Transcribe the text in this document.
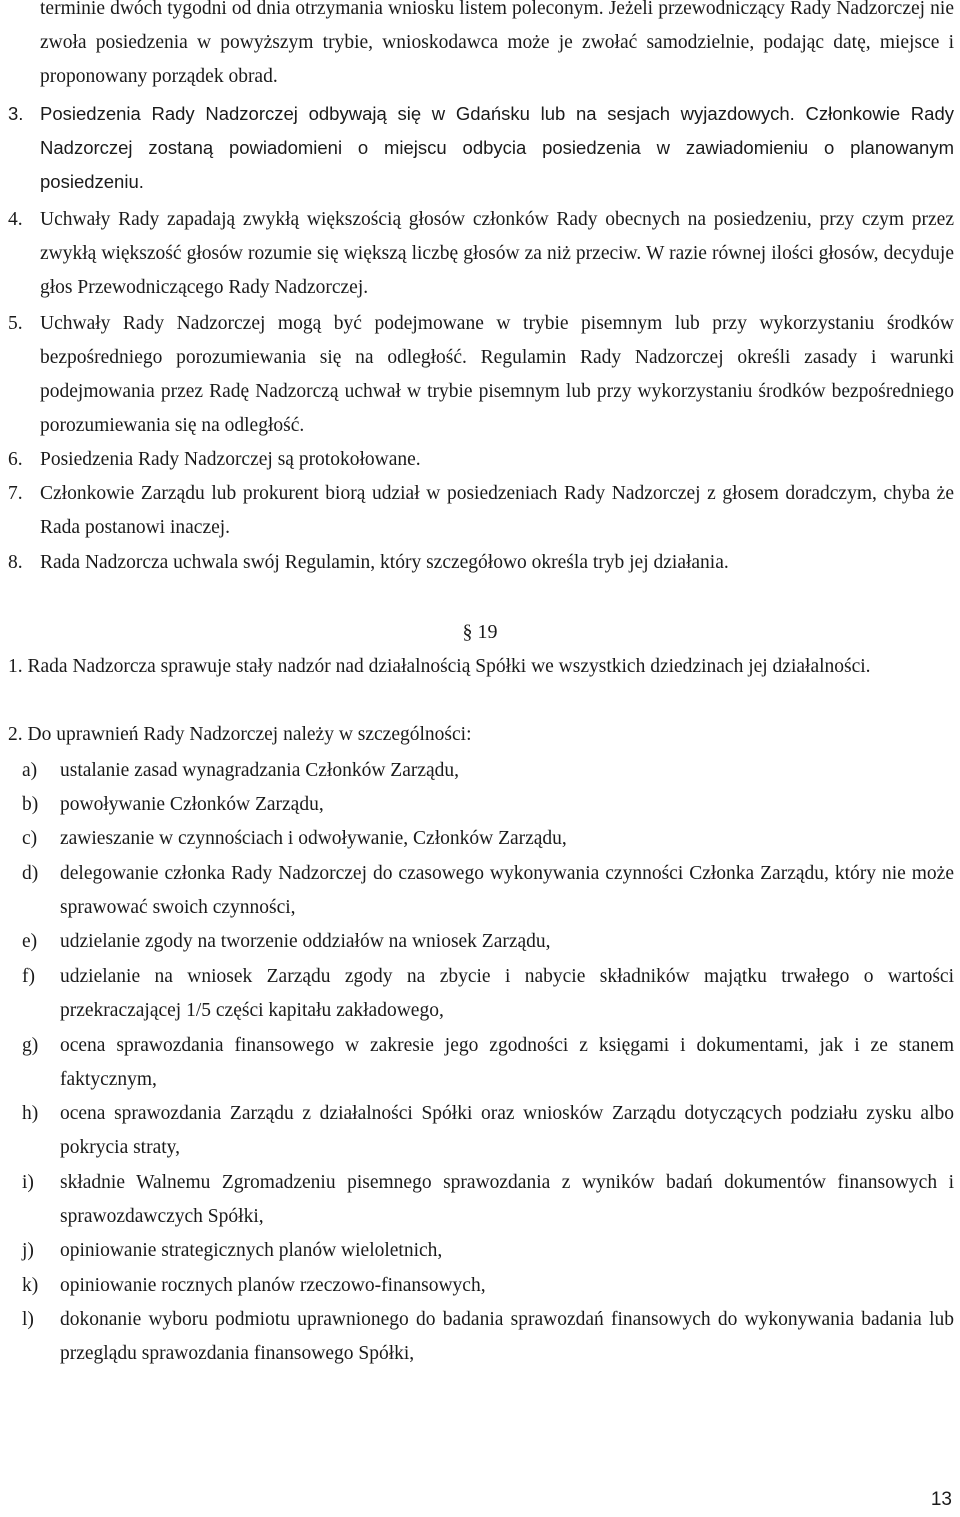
terminie dwóch tygodni od dnia otrzymania wniosku listem poleconym. Jeżeli przewodniczący Rady Nadzorczej nie zwoła posiedzenia w powyższym trybie, wnioskodawca może je zwołać samodzielnie, podając datę, miejsce i proponowany porządek obrad.
3. Posiedzenia Rady Nadzorczej odbywają się w Gdańsku lub na sesjach wyjazdowych. Członkowie Rady Nadzorczej zostaną powiadomieni o miejscu odbycia posiedzenia w zawiadomieniu o planowanym posiedzeniu.
4. Uchwały Rady zapadają zwykłą większością głosów członków Rady obecnych na posiedzeniu, przy czym przez zwykłą większość głosów rozumie się większą liczbę głosów za niż przeciw. W razie równej ilości głosów, decyduje głos Przewodniczącego Rady Nadzorczej.
5. Uchwały Rady Nadzorczej mogą być podejmowane w trybie pisemnym lub przy wykorzystaniu środków bezpośredniego porozumiewania się na odległość. Regulamin Rady Nadzorczej określi zasady i warunki podejmowania przez Radę Nadzorczą uchwał w trybie pisemnym lub przy wykorzystaniu środków bezpośredniego porozumiewania się na odległość.
6. Posiedzenia Rady Nadzorczej są protokołowane.
7. Członkowie Zarządu lub prokurent biorą udział w posiedzeniach Rady Nadzorczej z głosem doradczym, chyba że Rada postanowi inaczej.
8. Rada Nadzorcza uchwala swój Regulamin, który szczegółowo określa tryb jej działania.
§ 19
1. Rada Nadzorcza sprawuje stały nadzór nad działalnością Spółki we wszystkich dziedzinach jej działalności.
2. Do uprawnień Rady Nadzorczej należy w szczególności:
a)	ustalanie zasad wynagradzania Członków Zarządu,
b)	powoływanie Członków Zarządu,
c)	zawieszanie w czynnościach i odwoływanie, Członków Zarządu,
d)	delegowanie członka Rady Nadzorczej do czasowego wykonywania czynności Członka Zarządu, który nie może sprawować swoich czynności,
e)	udzielanie zgody na tworzenie oddziałów na wniosek Zarządu,
f)	udzielanie na wniosek Zarządu zgody na zbycie i nabycie składników majątku trwałego o wartości przekraczającej 1/5 części kapitału zakładowego,
g)	ocena sprawozdania finansowego w zakresie jego zgodności z księgami i dokumentami, jak i ze stanem faktycznym,
h)	ocena sprawozdania Zarządu z działalności Spółki oraz wniosków Zarządu dotyczących podziału zysku albo pokrycia straty,
i)	składnie Walnemu Zgromadzeniu pisemnego sprawozdania z wyników badań dokumentów finansowych i sprawozdawczych Spółki,
j)	opiniowanie strategicznych planów wieloletnich,
k)	opiniowanie rocznych planów rzeczowo-finansowych,
l)	dokonanie wyboru podmiotu uprawnionego do badania sprawozdań finansowych do wykonywania badania lub przeglądu sprawozdania finansowego Spółki,
13
